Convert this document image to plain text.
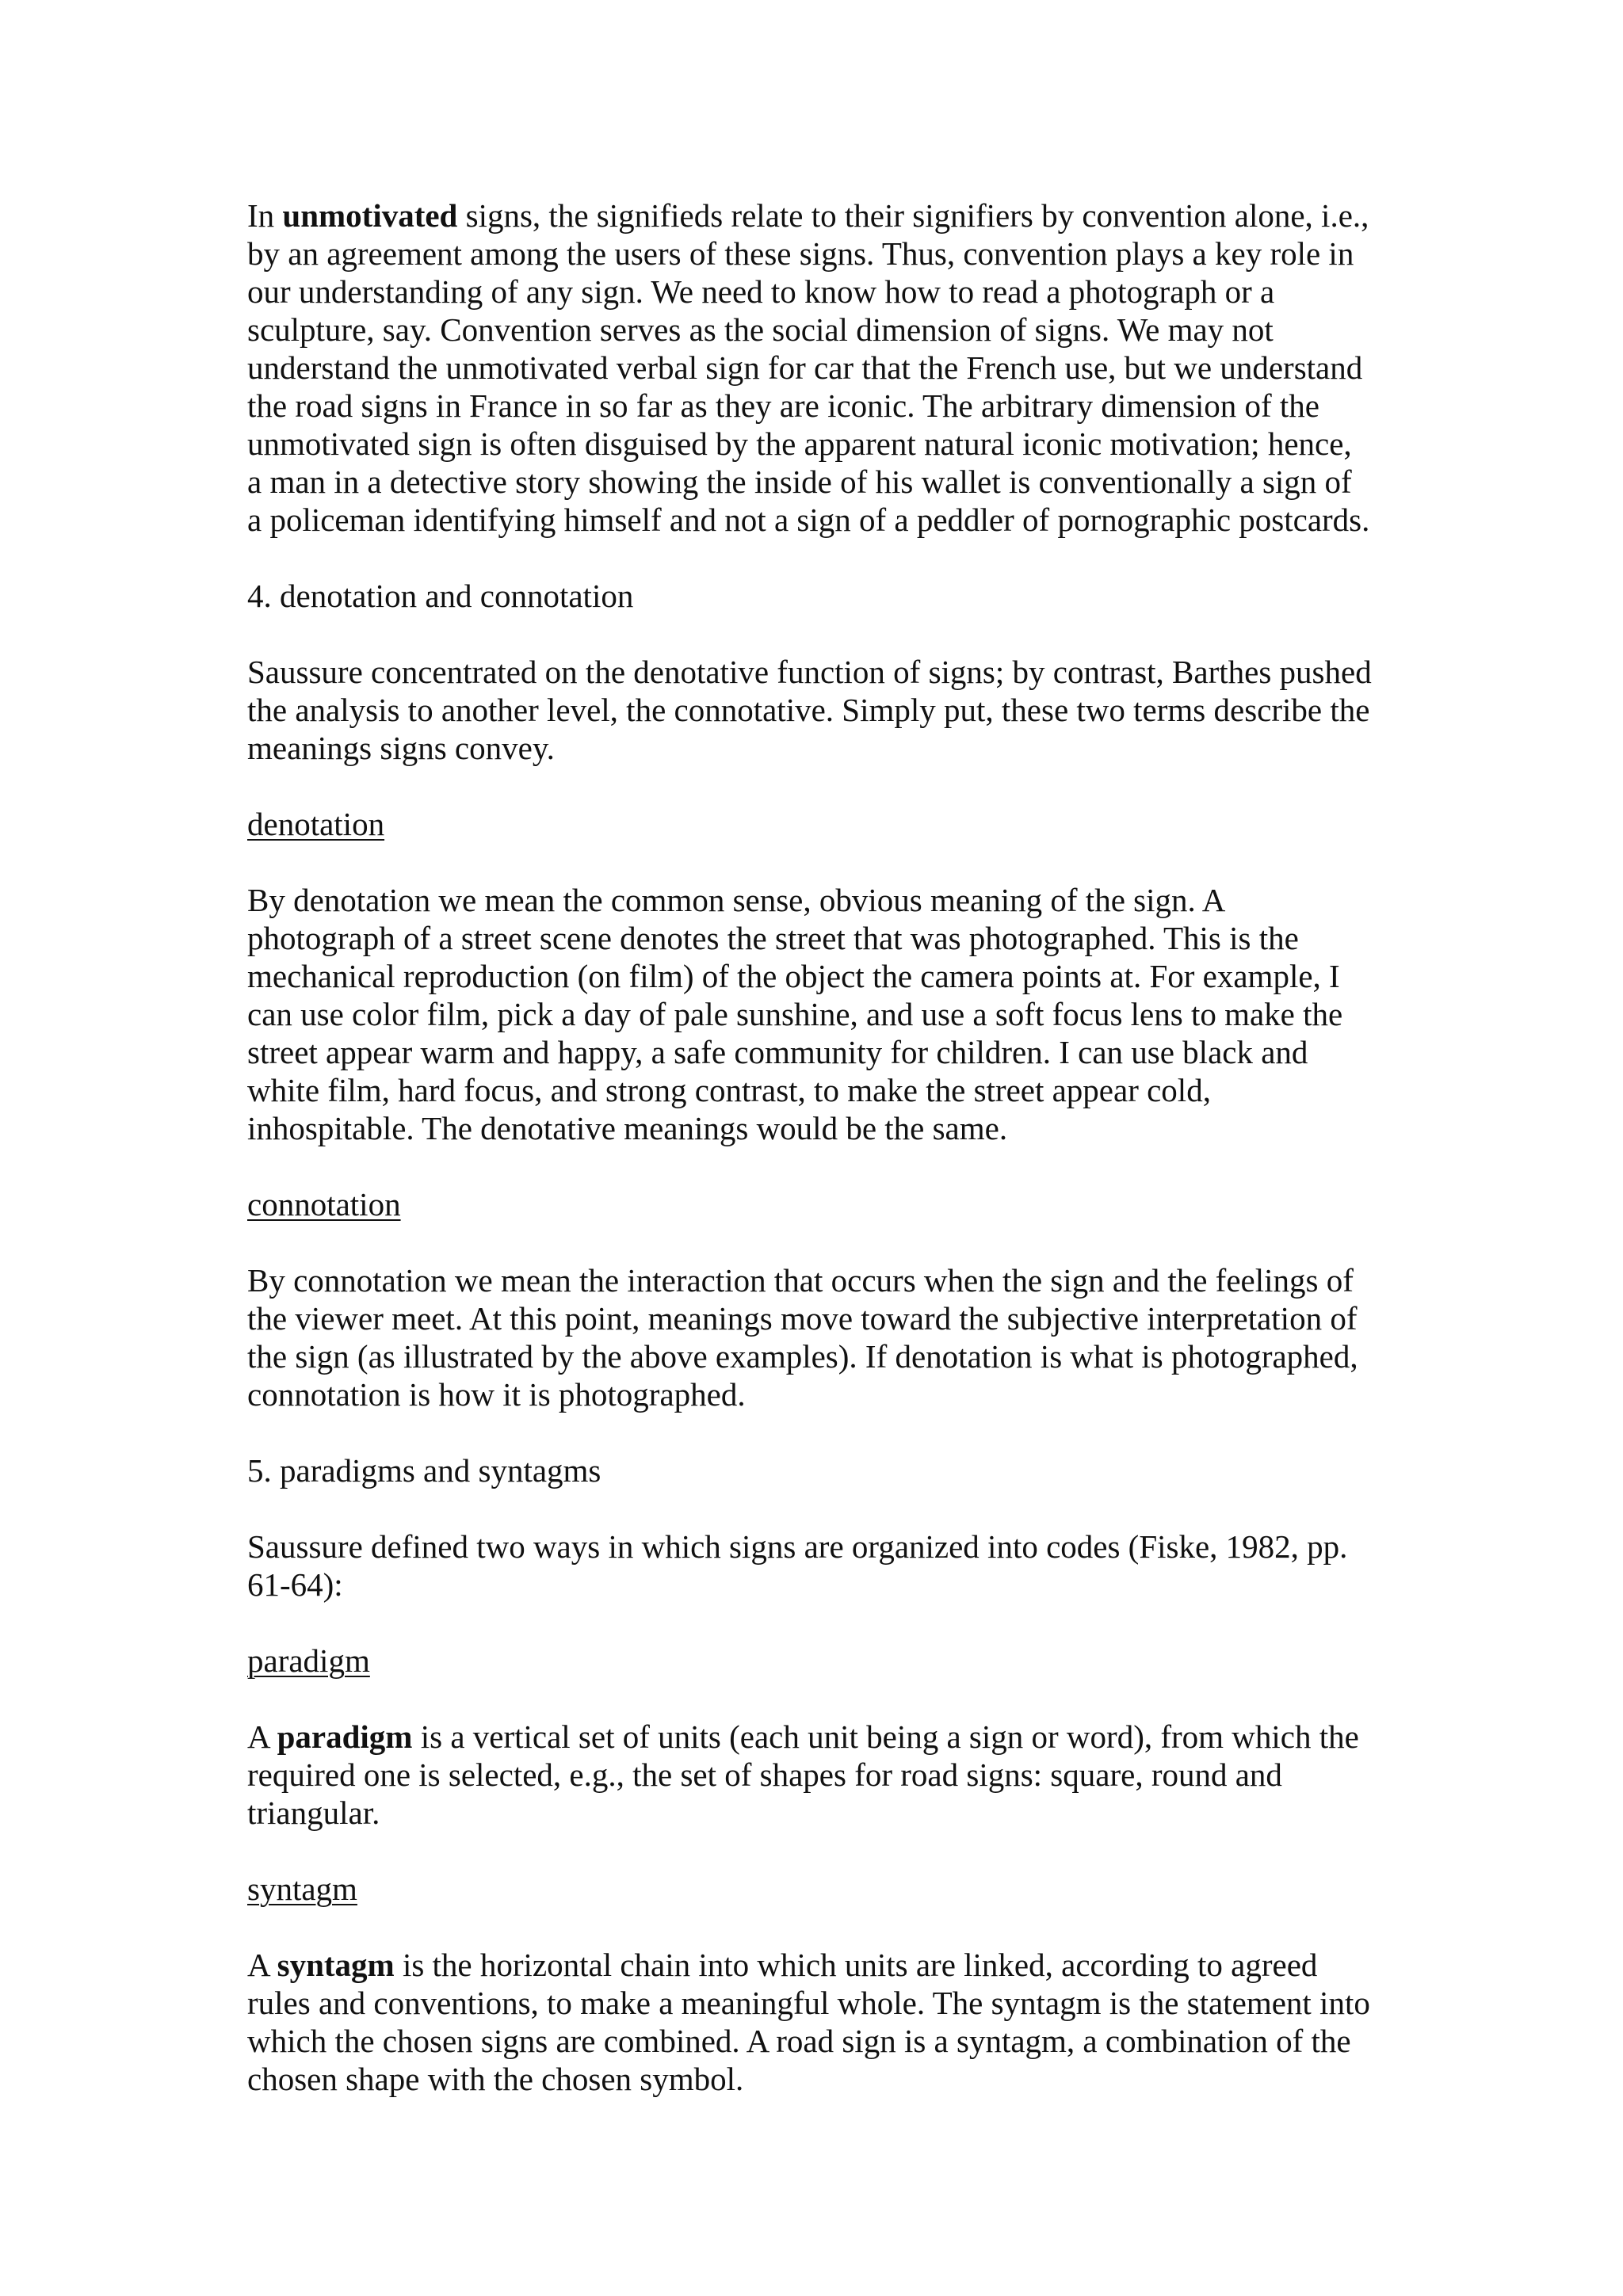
In unmotivated signs, the signifieds relate to their signifiers by convention alone, i.e.,
by an agreement among the users of these signs. Thus, convention plays a key role in
our understanding of any sign. We need to know how to read a photograph or a
sculpture, say. Convention serves as the social dimension of signs. We may not
understand the unmotivated verbal sign for car that the French use, but we understand
the road signs in France in so far as they are iconic. The arbitrary dimension of the
unmotivated sign is often disguised by the apparent natural iconic motivation; hence,
a man in a detective story showing the inside of his wallet is conventionally a sign of
a policeman identifying himself and not a sign of a peddler of pornographic postcards.

4. denotation and connotation

Saussure concentrated on the denotative function of signs; by contrast, Barthes pushed
the analysis to another level, the connotative. Simply put, these two terms describe the
meanings signs convey.

denotation

By denotation we mean the common sense, obvious meaning of the sign. A
photograph of a street scene denotes the street that was photographed. This is the
mechanical reproduction (on film) of the object the camera points at. For example, I
can use color film, pick a day of pale sunshine, and use a soft focus lens to make the
street appear warm and happy, a safe community for children. I can use black and
white film, hard focus, and strong contrast, to make the street appear cold,
inhospitable. The denotative meanings would be the same.

connotation

By connotation we mean the interaction that occurs when the sign and the feelings of
the viewer meet. At this point, meanings move toward the subjective interpretation of
the sign (as illustrated by the above examples). If denotation is what is photographed,
connotation is how it is photographed.

5. paradigms and syntagms

Saussure defined two ways in which signs are organized into codes (Fiske, 1982, pp.
61-64):

paradigm

A paradigm is a vertical set of units (each unit being a sign or word), from which the
required one is selected, e.g., the set of shapes for road signs: square, round and
triangular.

syntagm

A syntagm is the horizontal chain into which units are linked, according to agreed
rules and conventions, to make a meaningful whole. The syntagm is the statement into
which the chosen signs are combined. A road sign is a syntagm, a combination of the
chosen shape with the chosen symbol.
